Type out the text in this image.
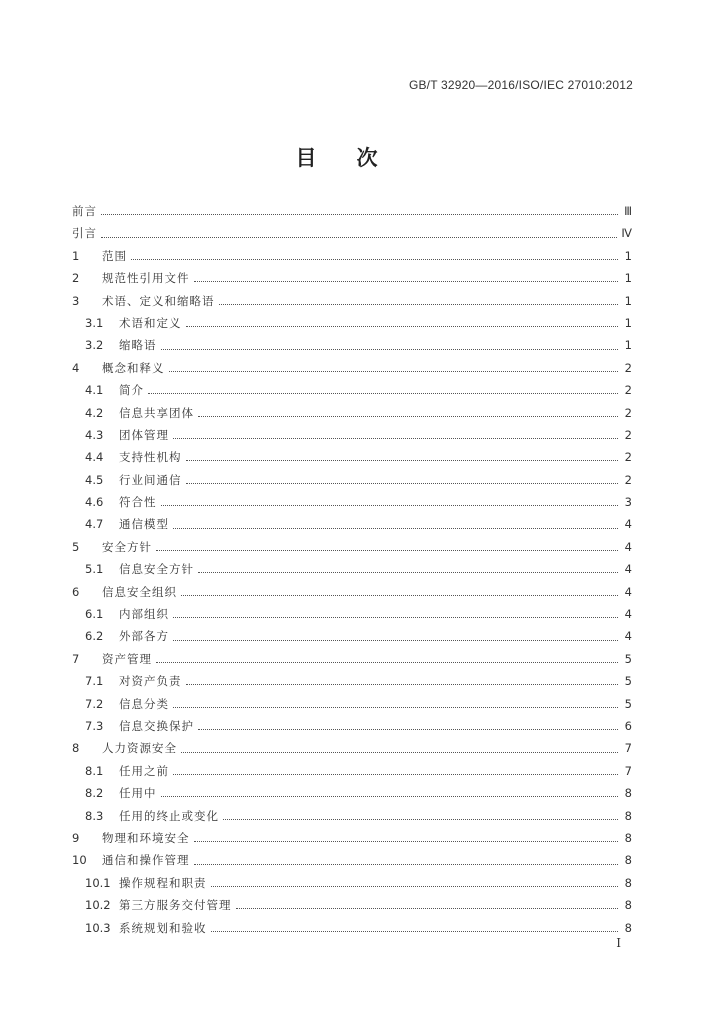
GB/T 32920—2016/ISO/IEC 27010:2012
目次
前言	Ⅲ
引言	Ⅳ
1	范围	1
2	规范性引用文件	1
3	术语、定义和缩略语	1
3.1	术语和定义	1
3.2	缩略语	1
4	概念和释义	2
4.1	简介	2
4.2	信息共享团体	2
4.3	团体管理	2
4.4	支持性机构	2
4.5	行业间通信	2
4.6	符合性	3
4.7	通信模型	4
5	安全方针	4
5.1	信息安全方针	4
6	信息安全组织	4
6.1	内部组织	4
6.2	外部各方	4
7	资产管理	5
7.1	对资产负责	5
7.2	信息分类	5
7.3	信息交换保护	6
8	人力资源安全	7
8.1	任用之前	7
8.2	任用中	8
8.3	任用的终止或变化	8
9	物理和环境安全	8
10	通信和操作管理	8
10.1 操作规程和职责	8
10.2 第三方服务交付管理	8
10.3 系统规划和验收	8
I
